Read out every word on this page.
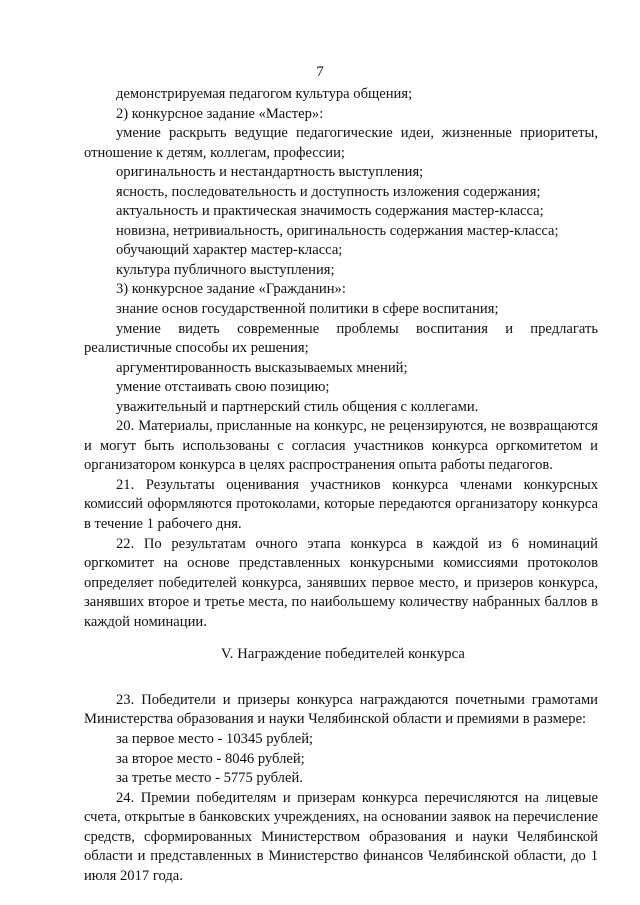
7

демонстрируемая педагогом культура общения;

2) конкурсное задание «Мастер»:

умение раскрыть ведущие педагогические идеи, жизненные приоритеты, отношение к детям, коллегам, профессии;

оригинальность и нестандартность выступления;

ясность, последовательность и доступность изложения содержания;

актуальность и практическая значимость содержания мастер-класса;

новизна, нетривиальность, оригинальность содержания мастер-класса;

обучающий характер мастер-класса;

культура публичного выступления;

3) конкурсное задание «Гражданин»:

знание основ государственной политики в сфере воспитания;

умение видеть современные проблемы воспитания и предлагать реалистичные способы их решения;

аргументированность высказываемых мнений;

умение отстаивать свою позицию;

уважительный и партнерский стиль общения с коллегами.

20. Материалы, присланные на конкурс, не рецензируются, не возвращаются и могут быть использованы с согласия участников конкурса оргкомитетом и организатором конкурса в целях распространения опыта работы педагогов.

21. Результаты оценивания участников конкурса членами конкурсных комиссий оформляются протоколами, которые передаются организатору конкурса в течение 1 рабочего дня.

22. По результатам очного этапа конкурса в каждой из 6 номинаций оргкомитет на основе представленных конкурсными комиссиями протоколов определяет победителей конкурса, занявших первое место, и призеров конкурса, занявших второе и третье места, по наибольшему количеству набранных баллов в каждой номинации.

V. Награждение победителей конкурса

23. Победители и призеры конкурса награждаются почетными грамотами Министерства образования и науки Челябинской области и премиями в размере:

за первое место - 10345 рублей;

за второе место - 8046 рублей;

за третье место - 5775 рублей.

24. Премии победителям и призерам конкурса перечисляются на лицевые счета, открытые в банковских учреждениях, на основании заявок на перечисление средств, сформированных Министерством образования и науки Челябинской области и представленных в Министерство финансов Челябинской области, до 1 июля 2017 года.
